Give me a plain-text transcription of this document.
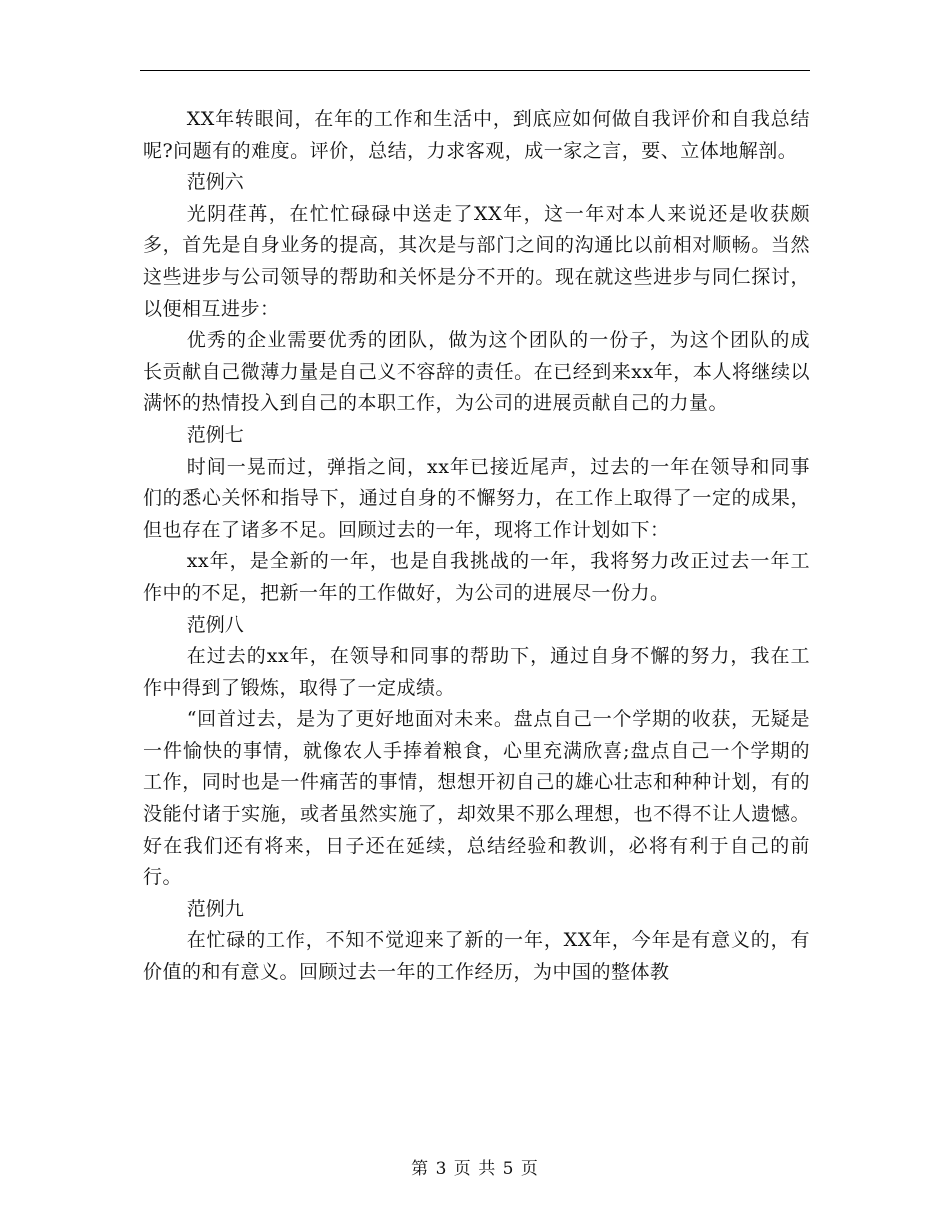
XX年转眼间，在年的工作和生活中，到底应如何做自我评价和自我总结呢?问题有的难度。评价，总结，力求客观，成一家之言，要、立体地解剖。

范例六

光阴荏苒，在忙忙碌碌中送走了XX年，这一年对本人来说还是收获颇多，首先是自身业务的提高，其次是与部门之间的沟通比以前相对顺畅。当然这些进步与公司领导的帮助和关怀是分不开的。现在就这些进步与同仁探讨，以便相互进步：

优秀的企业需要优秀的团队，做为这个团队的一份子，为这个团队的成长贡献自己微薄力量是自己义不容辞的责任。在已经到来xx年，本人将继续以满怀的热情投入到自己的本职工作，为公司的进展贡献自己的力量。

范例七

时间一晃而过，弹指之间，xx年已接近尾声，过去的一年在领导和同事们的悉心关怀和指导下，通过自身的不懈努力，在工作上取得了一定的成果，但也存在了诸多不足。回顾过去的一年，现将工作计划如下：

xx年，是全新的一年，也是自我挑战的一年，我将努力改正过去一年工作中的不足，把新一年的工作做好，为公司的进展尽一份力。

范例八

在过去的xx年，在领导和同事的帮助下，通过自身不懈的努力，我在工作中得到了锻炼，取得了一定成绩。

“回首过去，是为了更好地面对未来。盘点自己一个学期的收获，无疑是一件愉快的事情，就像农人手捧着粮食，心里充满欣喜;盘点自己一个学期的工作，同时也是一件痛苦的事情，想想开初自己的雄心壮志和种种计划，有的没能付诸于实施，或者虽然实施了，却效果不那么理想，也不得不让人遗憾。好在我们还有将来，日子还在延续，总结经验和教训，必将有利于自己的前行。

范例九

在忙碌的工作，不知不觉迎来了新的一年，XX年，今年是有意义的，有价值的和有意义。回顾过去一年的工作经历，为中国的整体教

第 3 页 共 5 页
